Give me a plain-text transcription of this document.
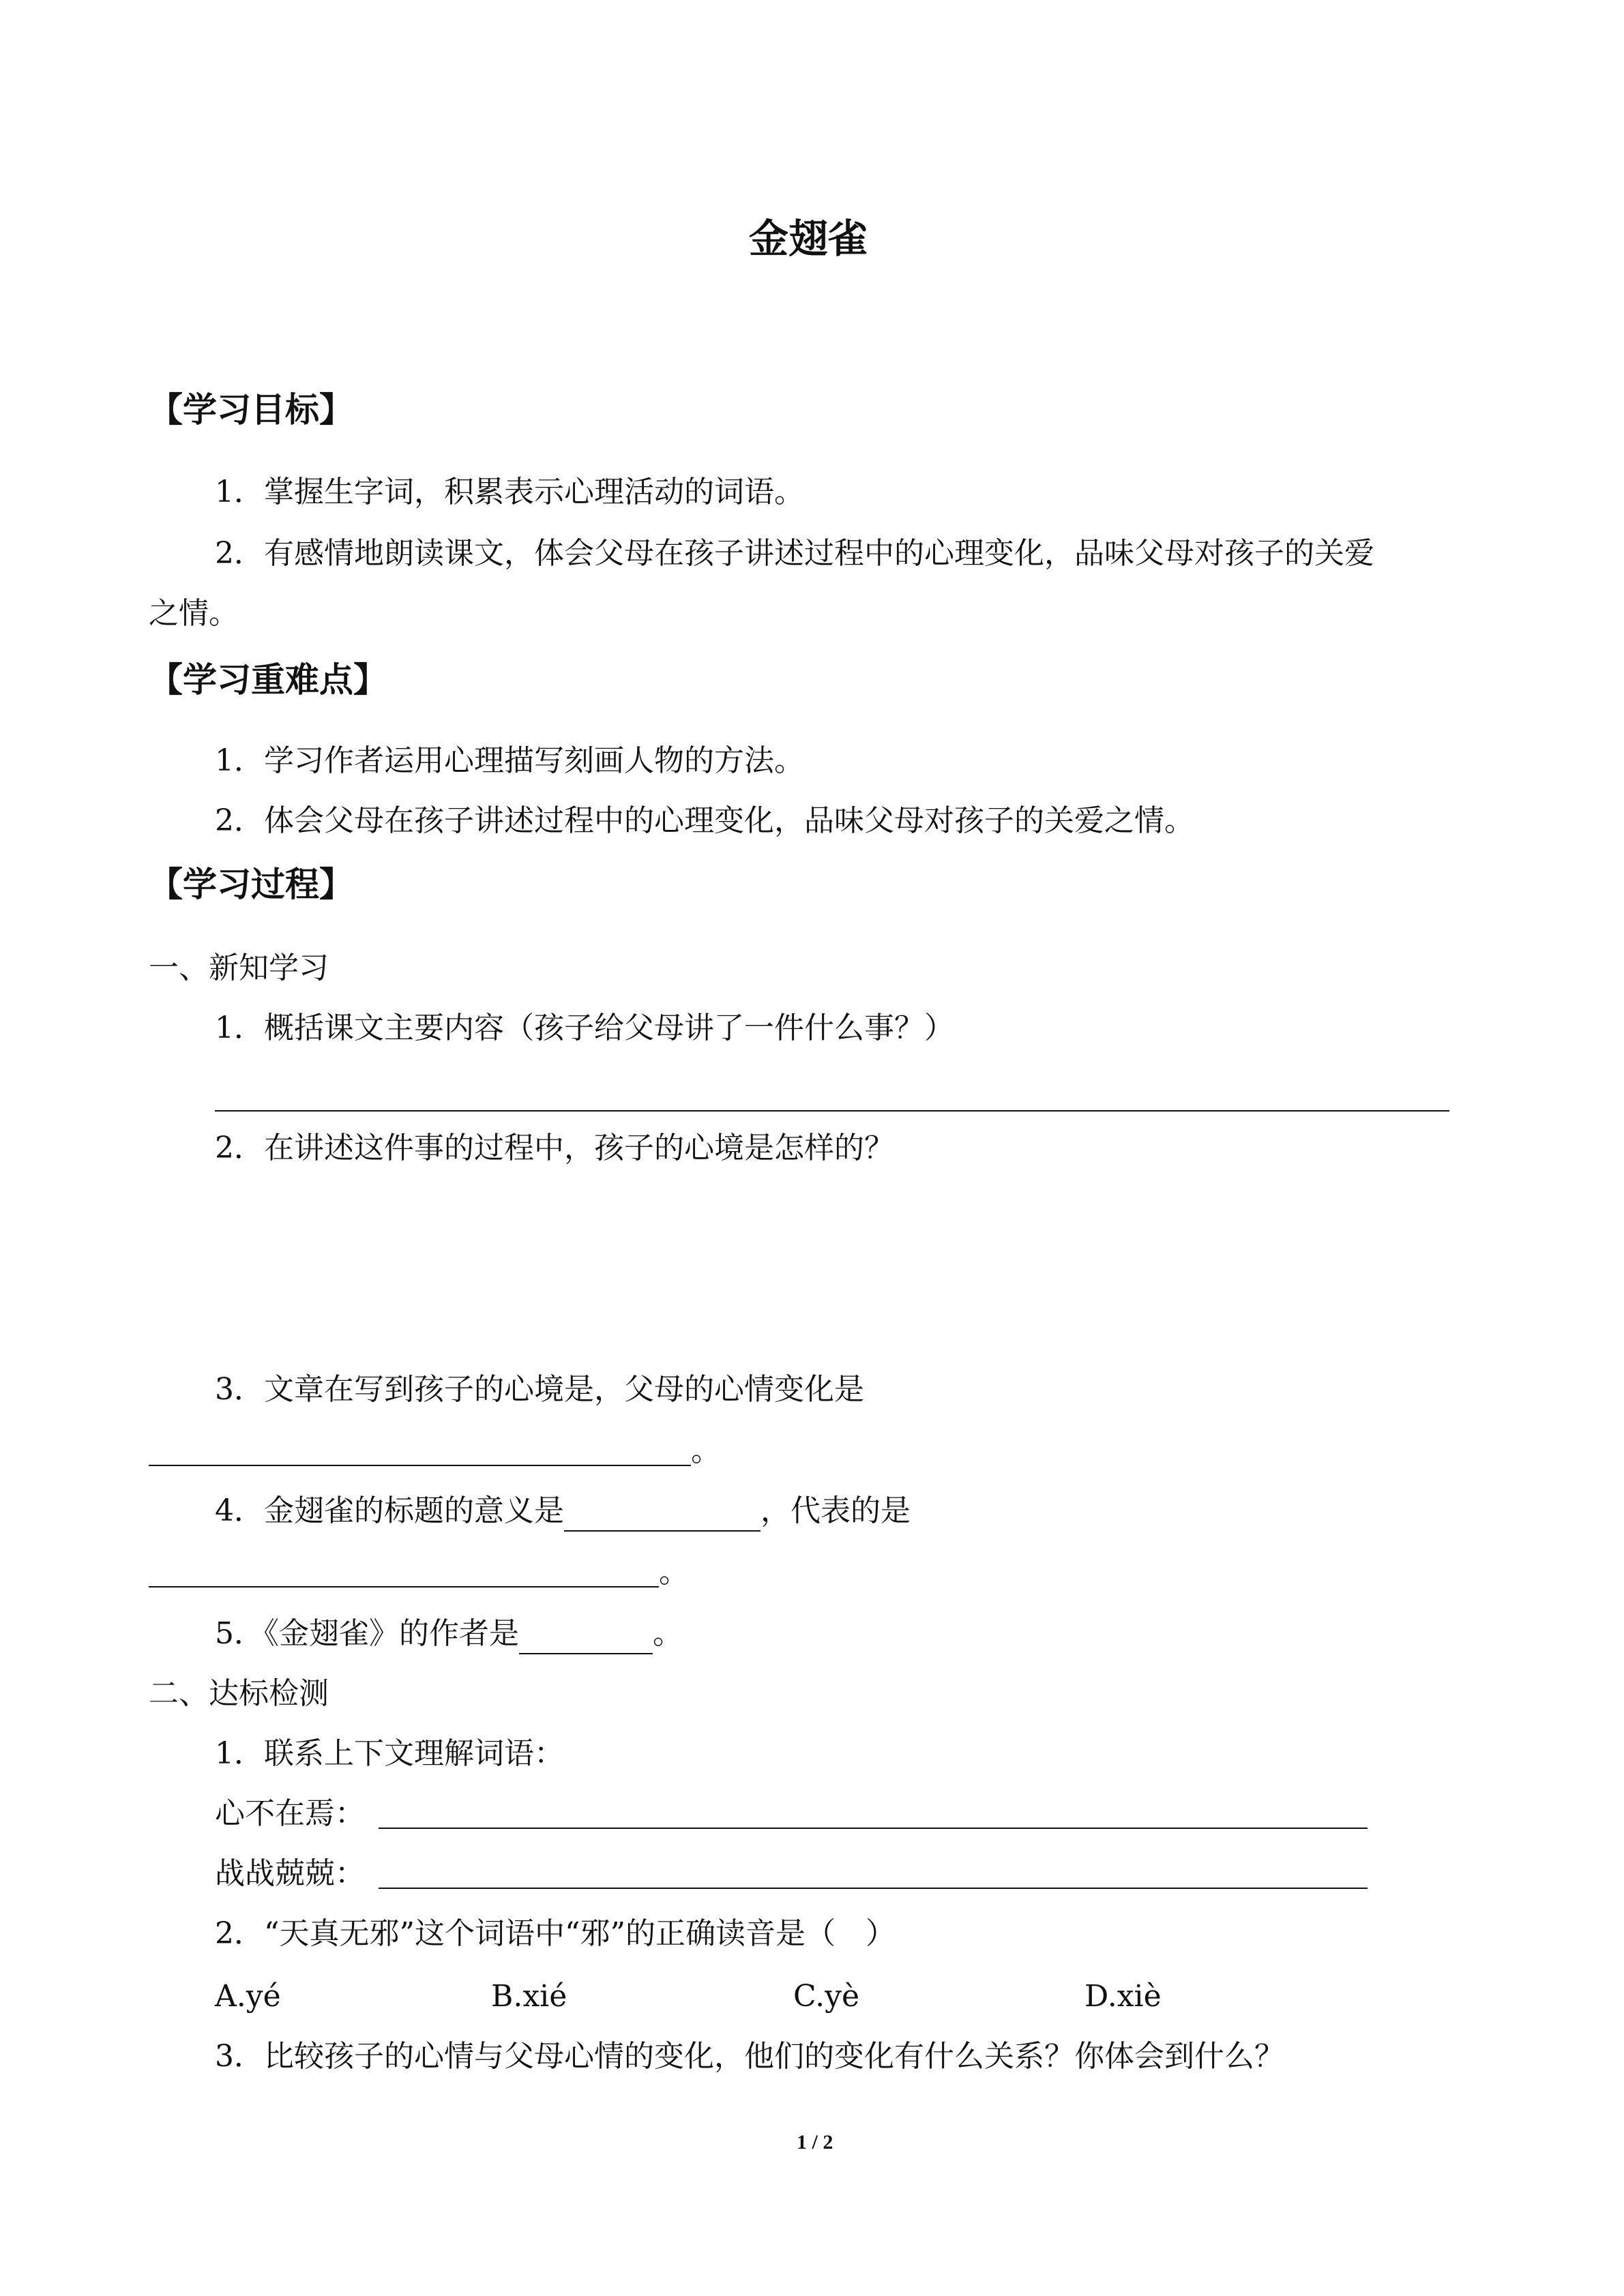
金翅雀
【学习目标】
1．掌握生字词，积累表示心理活动的词语。
2．有感情地朗读课文，体会父母在孩子讲述过程中的心理变化，品味父母对孩子的关爱
之情。
【学习重难点】
1．学习作者运用心理描写刻画人物的方法。
2．体会父母在孩子讲述过程中的心理变化，品味父母对孩子的关爱之情。
【学习过程】
一、新知学习
1．概括课文主要内容（孩子给父母讲了一件什么事？）
2．在讲述这件事的过程中，孩子的心境是怎样的？
3．文章在写到孩子的心境是，父母的心情变化是
。
4．金翅雀的标题的意义是	，代表的是
。
5．《金翅雀》的作者是	。
二、达标检测
1．联系上下文理解词语：
心不在焉：
战战兢兢：
2．“天真无邪”这个词语中“邪”的正确读音是（　）
A.yé	B.xié	C.yè	D.xiè
3．比较孩子的心情与父母心情的变化，他们的变化有什么关系？你体会到什么？
1 / 2
